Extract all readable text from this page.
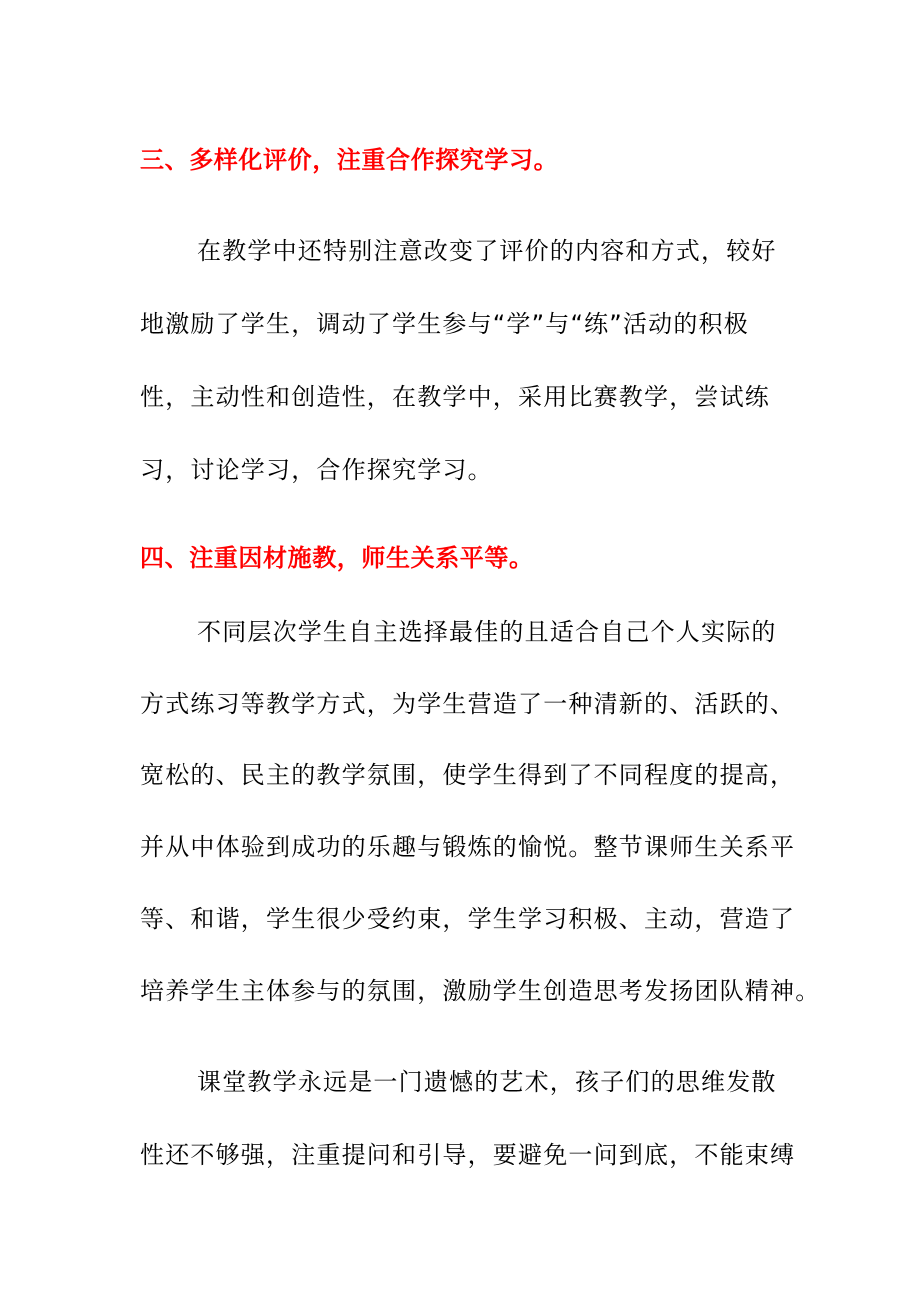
三、多样化评价，注重合作探究学习。
在教学中还特别注意改变了评价的内容和方式，较好
地激励了学生，调动了学生参与“学”与“练”活动的积极
性，主动性和创造性，在教学中，采用比赛教学，尝试练
习，讨论学习，合作探究学习。
四、注重因材施教，师生关系平等。
不同层次学生自主选择最佳的且适合自己个人实际的
方式练习等教学方式，为学生营造了一种清新的、活跃的、
宽松的、民主的教学氛围，使学生得到了不同程度的提高，
并从中体验到成功的乐趣与锻炼的愉悦。整节课师生关系平
等、和谐，学生很少受约束，学生学习积极、主动，营造了
培养学生主体参与的氛围，激励学生创造思考发扬团队精神。
课堂教学永远是一门遗憾的艺术，孩子们的思维发散
性还不够强，注重提问和引导，要避免一问到底，不能束缚
